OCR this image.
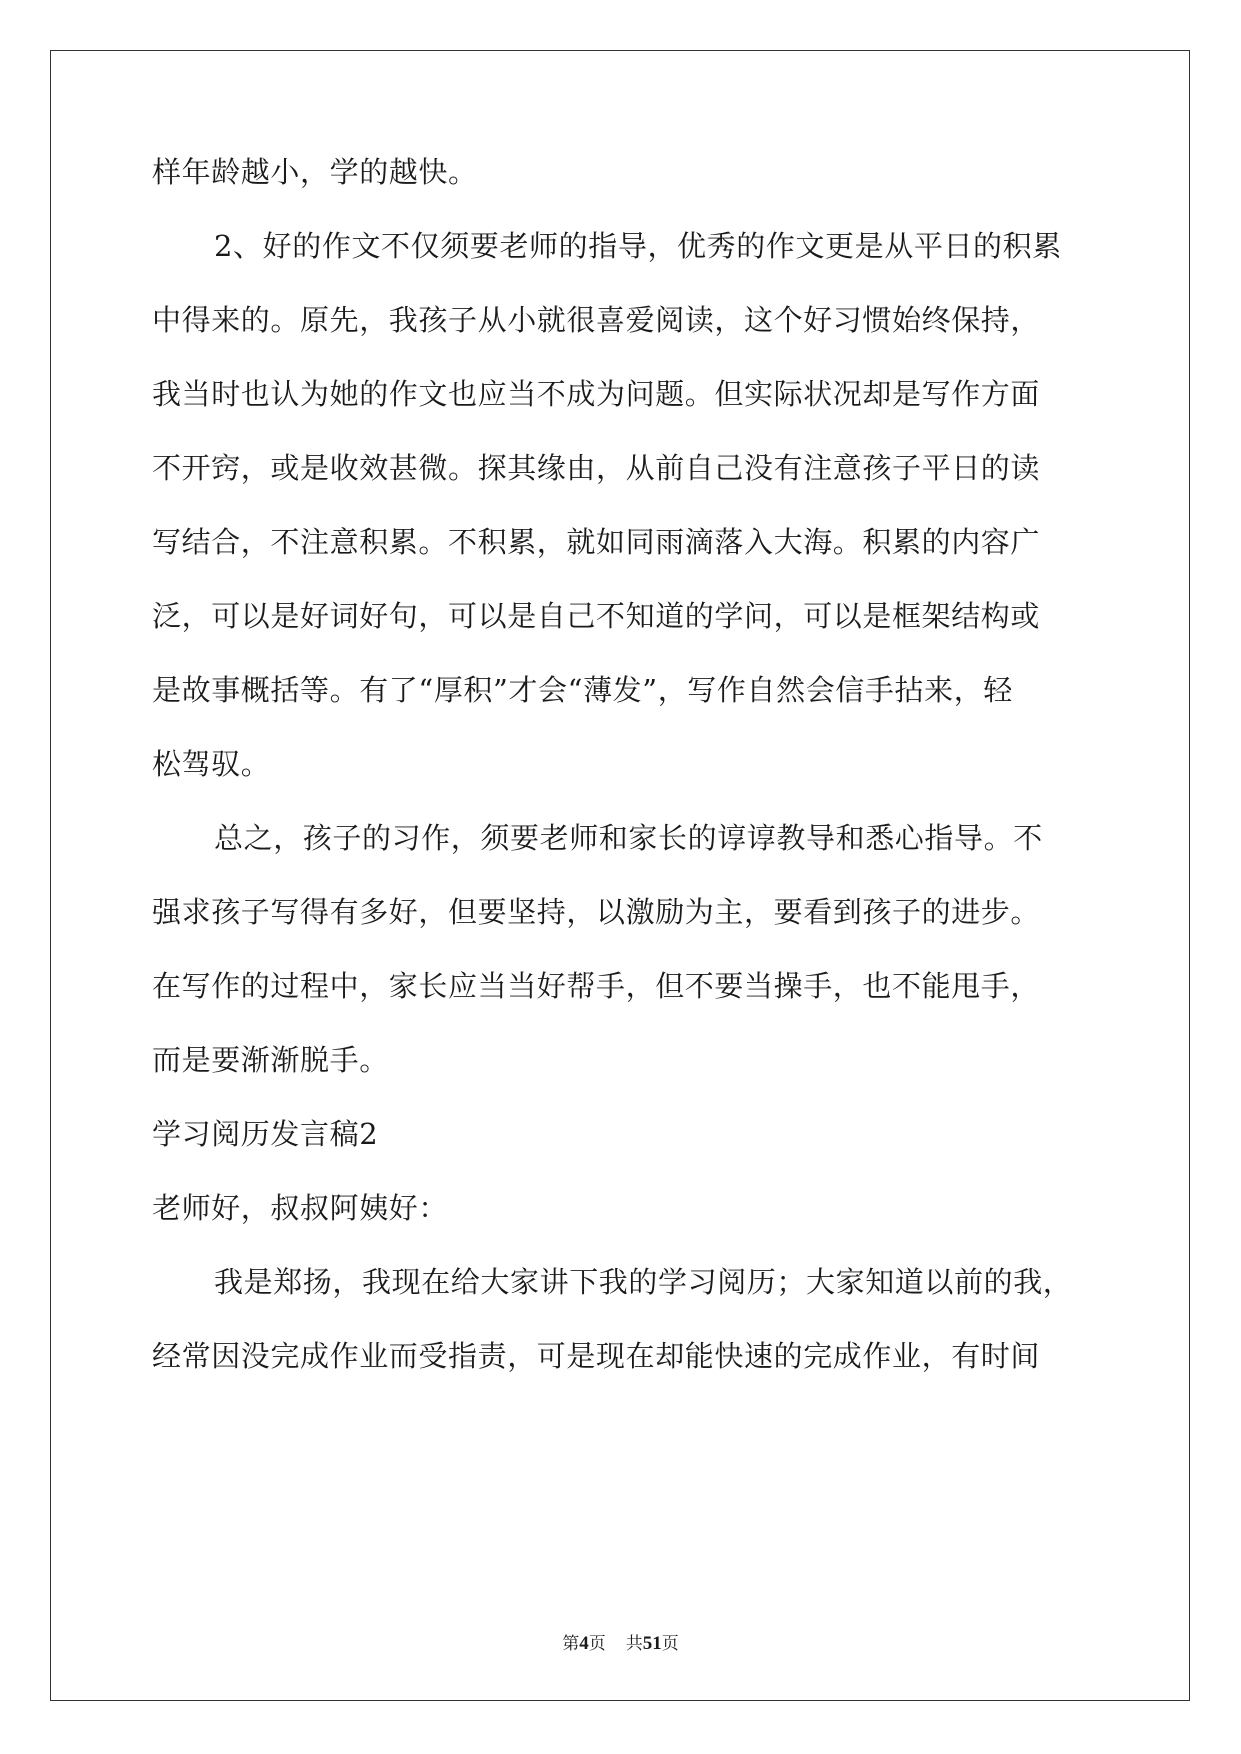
样年龄越小，学的越快。
2、好的作文不仅须要老师的指导，优秀的作文更是从平日的积累
中得来的。原先，我孩子从小就很喜爱阅读，这个好习惯始终保持，
我当时也认为她的作文也应当不成为问题。但实际状况却是写作方面
不开窍，或是收效甚微。探其缘由，从前自己没有注意孩子平日的读
写结合，不注意积累。不积累，就如同雨滴落入大海。积累的内容广
泛，可以是好词好句，可以是自己不知道的学问，可以是框架结构或
是故事概括等。有了“厚积”才会“薄发”，写作自然会信手拈来，轻
松驾驭。
总之，孩子的习作，须要老师和家长的谆谆教导和悉心指导。不
强求孩子写得有多好，但要坚持，以激励为主，要看到孩子的进步。
在写作的过程中，家长应当当好帮手，但不要当操手，也不能甩手，
而是要渐渐脱手。
学习阅历发言稿2
老师好，叔叔阿姨好：
我是郑扬，我现在给大家讲下我的学习阅历；大家知道以前的我，
经常因没完成作业而受指责，可是现在却能快速的完成作业，有时间
第4页 共51页
